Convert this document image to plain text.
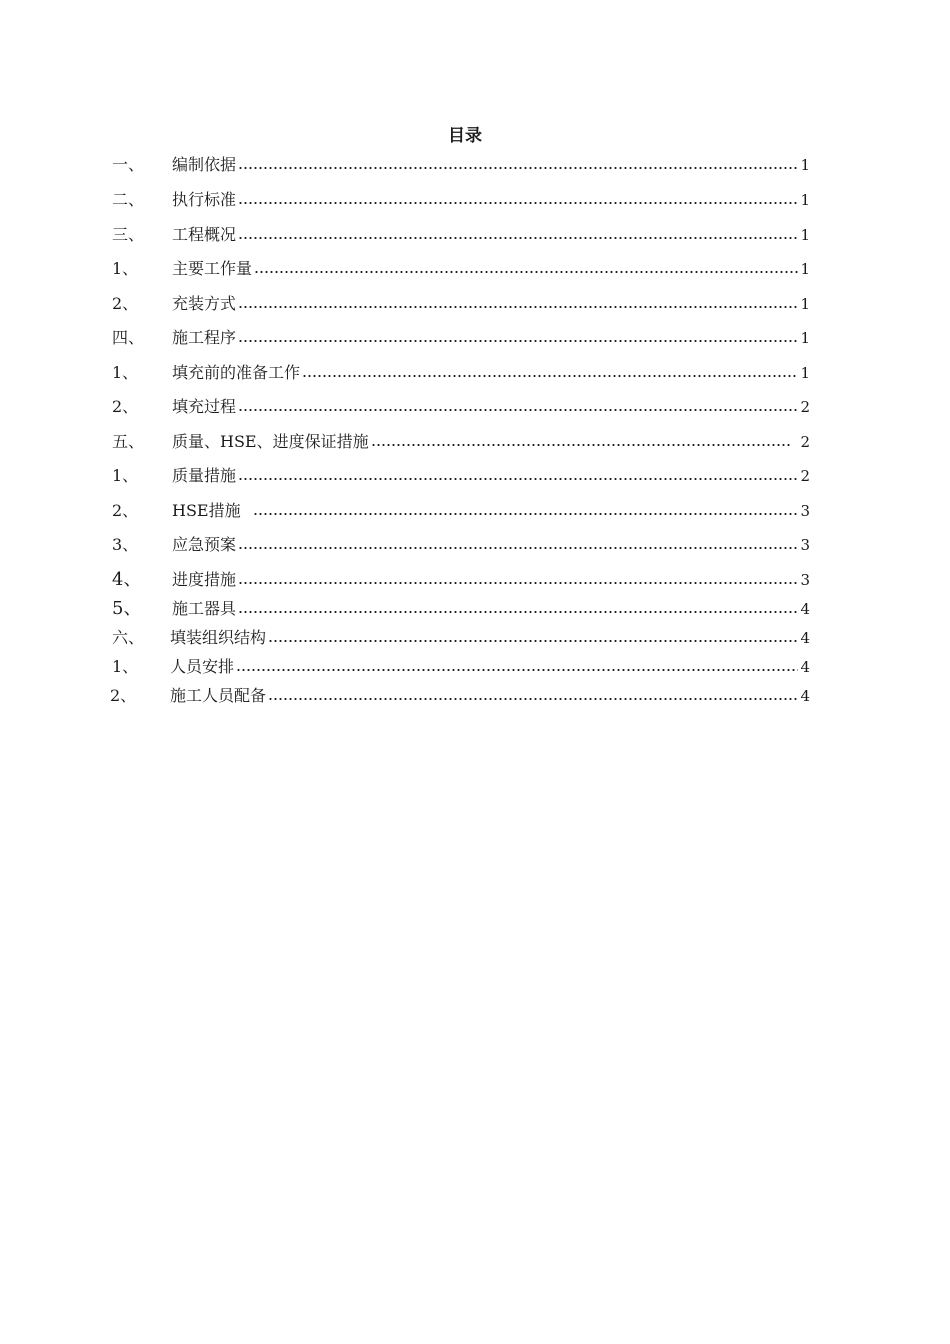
目录
一、	编制依据	1
二、	执行标准	1
三、	工程概况	1
1、	主要工作量	1
2、	充装方式	1
四、	施工程序	1
1、	填充前的准备工作	1
2、	填充过程	2
五、	质量、HSE、进度保证措施	2
1、	质量措施	2
2、	HSE措施	3
3、	应急预案	3
4、	进度措施	3
5、	施工器具	4
六、	填装组织结构	4
1、	人员安排	4
2、	施工人员配备	4
